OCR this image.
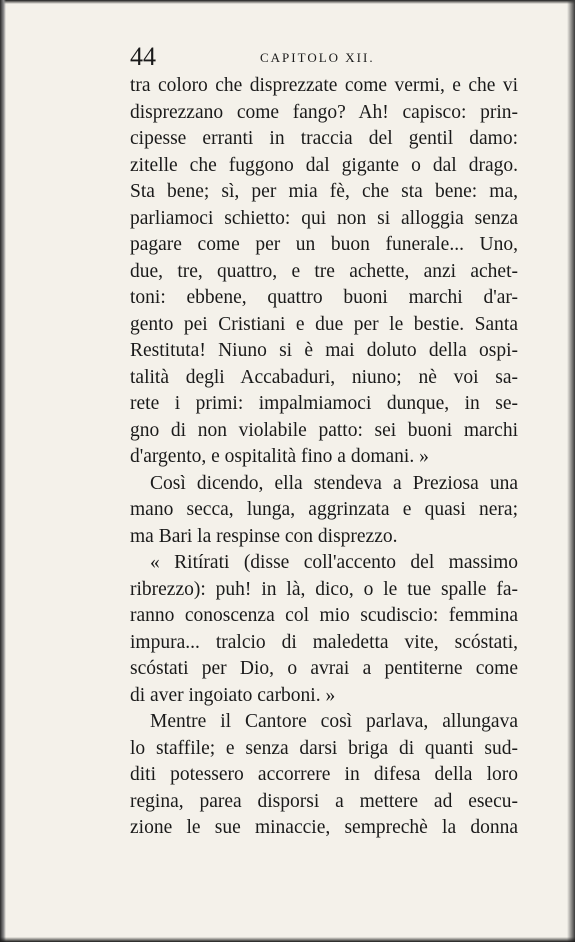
44	CAPITOLO XII.
tra coloro che disprezzate come vermi, e che vi
disprezzano come fango? Ah! capisco: prin-
cipesse erranti in traccia del gentil damo:
zitelle che fuggono dal gigante o dal drago.
Sta bene; sì, per mia fè, che sta bene: ma,
parliamoci schietto: qui non si alloggia senza
pagare come per un buon funerale... Uno,
due, tre, quattro, e tre achette, anzi achet-
toni: ebbene, quattro buoni marchi d'ar-
gento pei Cristiani e due per le bestie. Santa
Restituta! Niuno si è mai doluto della ospi-
talità degli Accabaduri, niuno; nè voi sa-
rete i primi: impalmiamoci dunque, in se-
gno di non violabile patto: sei buoni marchi
d'argento, e ospitalità fino a domani. »
Così dicendo, ella stendeva a Preziosa una
mano secca, lunga, aggrinzata e quasi nera;
ma Bari la respinse con disprezzo.
« Ritírati (disse coll'accento del massimo
ribrezzo): puh! in là, dico, o le tue spalle fa-
ranno conoscenza col mio scudiscio: femmina
impura... tralcio di maledetta vite, scóstati,
scóstati per Dio, o avrai a pentiterne come
di aver ingoiato carboni. »
Mentre il Cantore così parlava, allungava
lo staffile; e senza darsi briga di quanti sud-
diti potessero accorrere in difesa della loro
regina, parea disporsi a mettere ad esecu-
zione le sue minaccie, semprechè la donna
